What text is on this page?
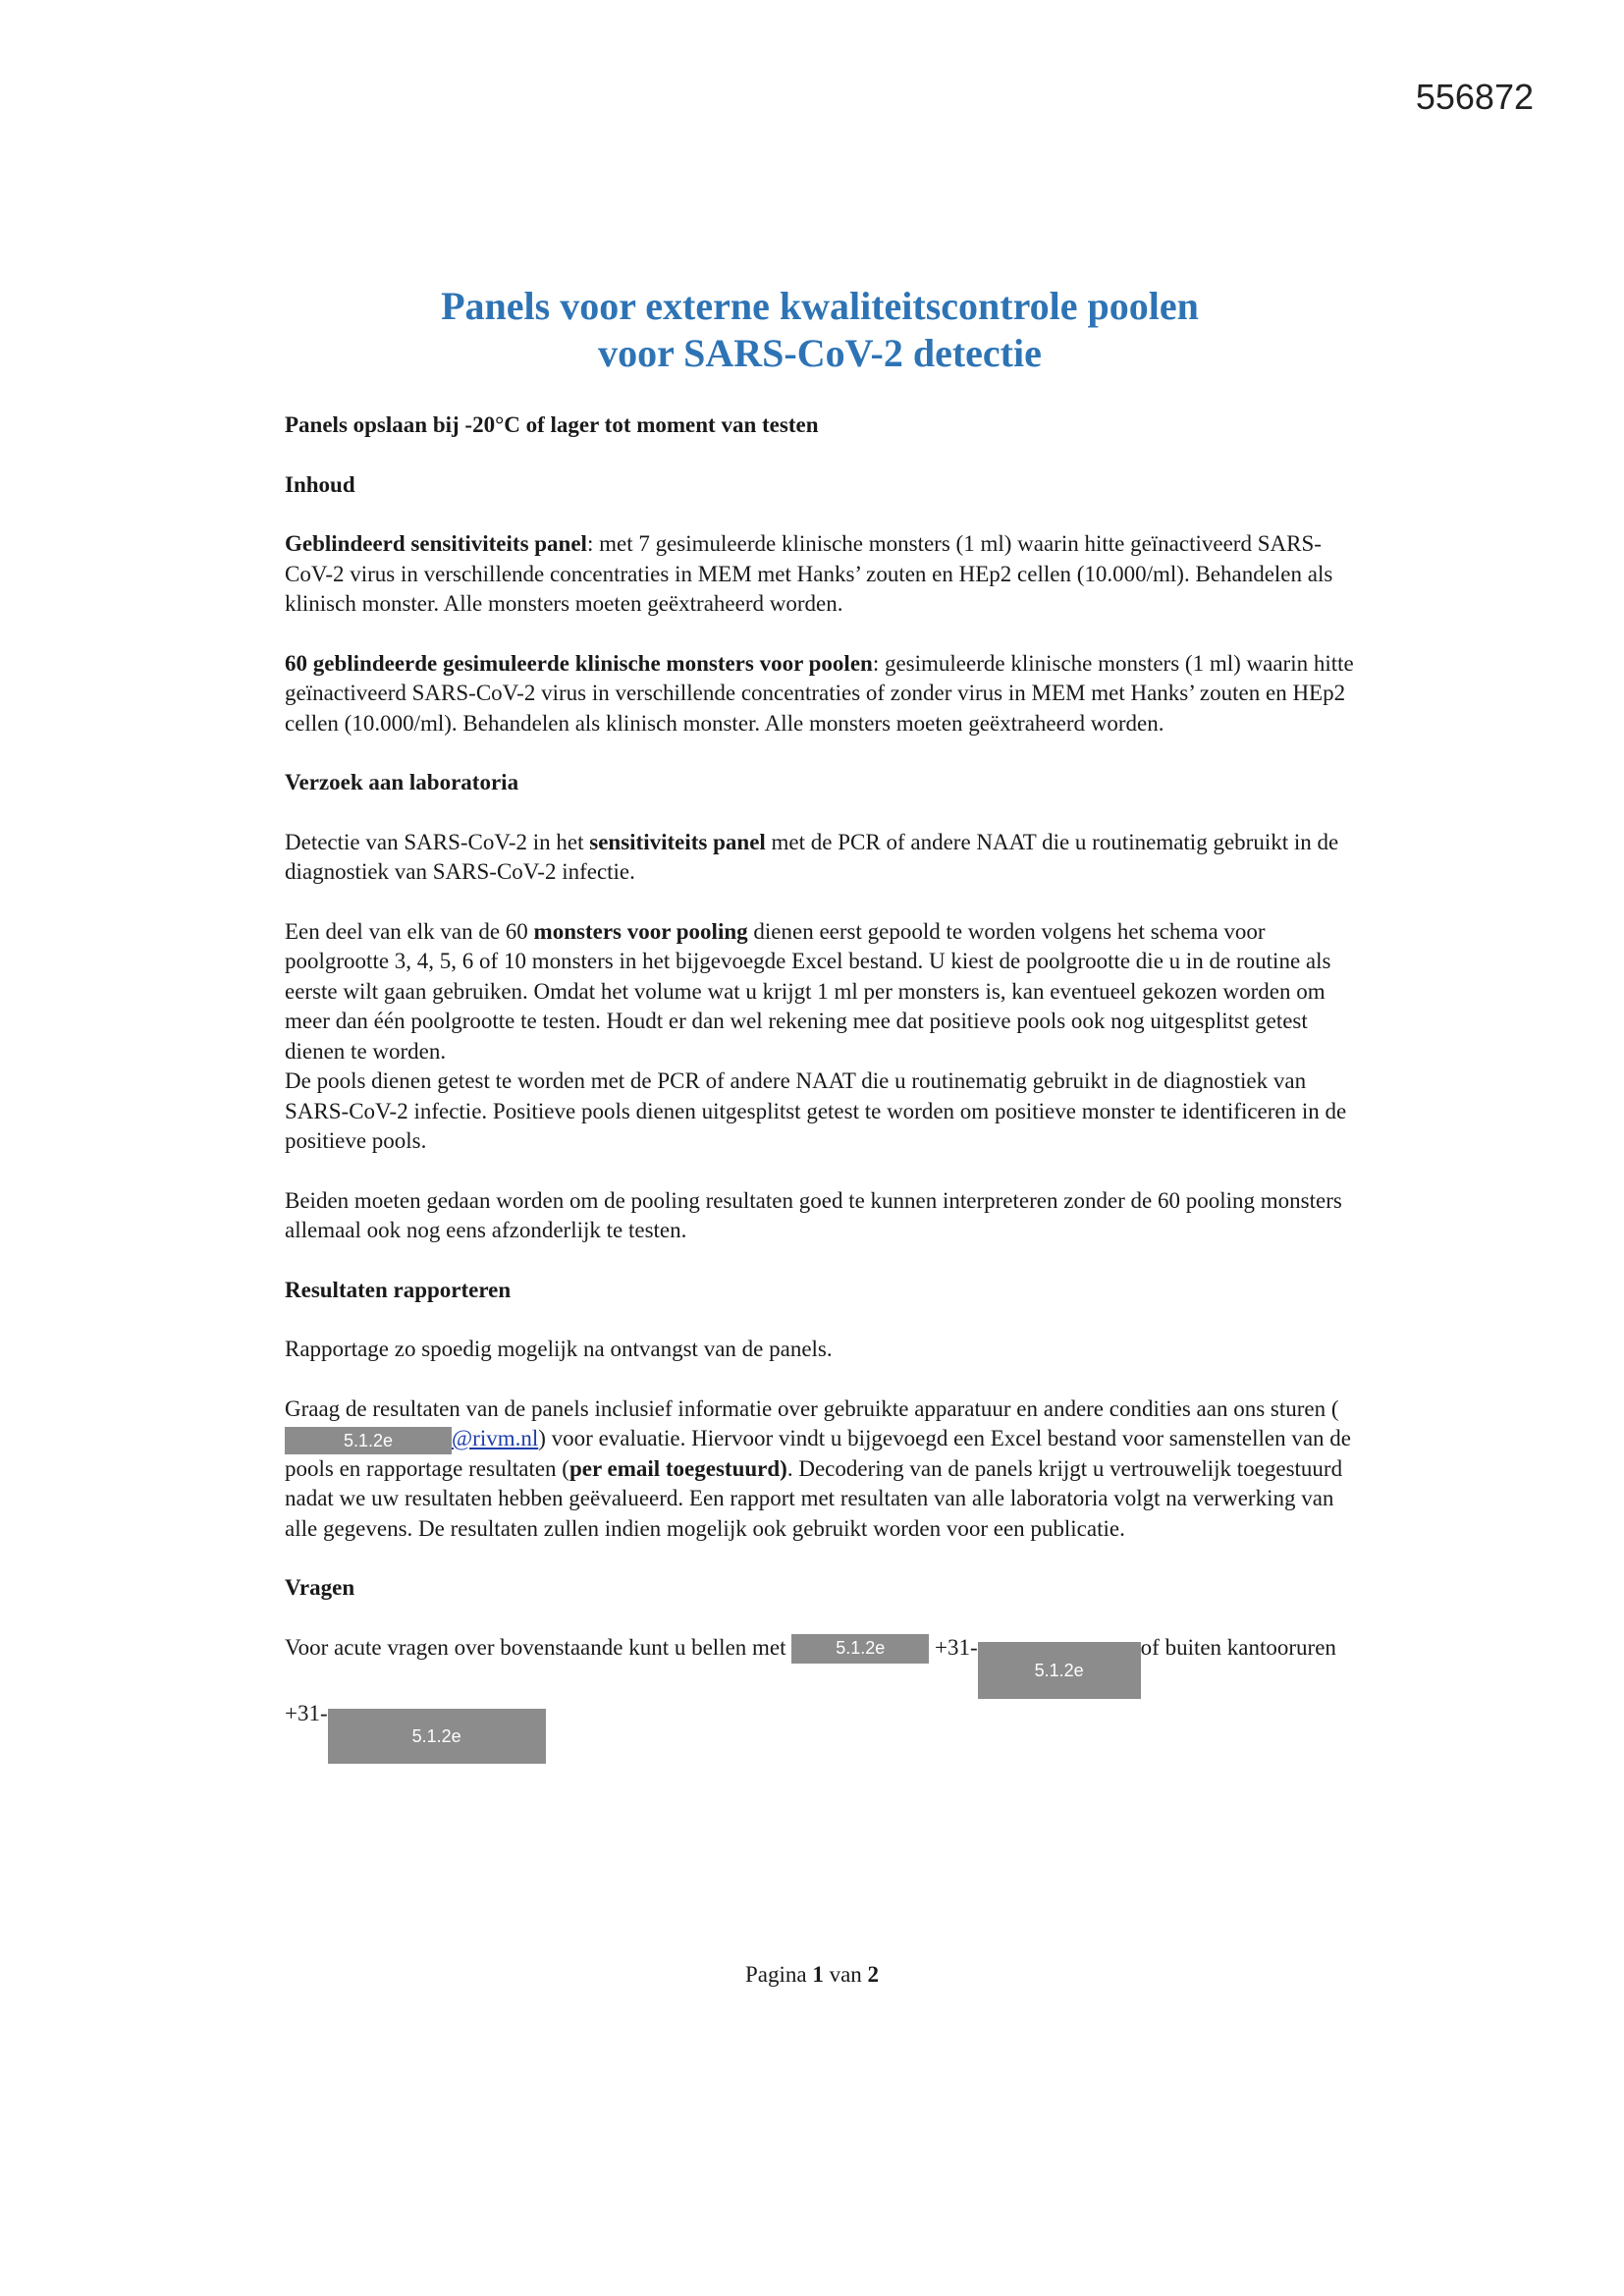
556872
Panels voor externe kwaliteitscontrole poolen
voor SARS-CoV-2 detectie
Panels opslaan bij -20°C of lager tot moment van testen
Inhoud

Geblindeerd sensitiviteits panel: met 7 gesimuleerde klinische monsters (1 ml) waarin hitte geïnactiveerd SARS-CoV-2 virus in verschillende concentraties in MEM met Hanks’ zouten en HEp2 cellen (10.000/ml). Behandelen als klinisch monster. Alle monsters moeten geëxtraheerd worden.

60 geblindeerde gesimuleerde klinische monsters voor poolen: gesimuleerde klinische monsters (1 ml) waarin hitte geïnactiveerd SARS-CoV-2 virus in verschillende concentraties of zonder virus in MEM met Hanks’ zouten en HEp2 cellen (10.000/ml). Behandelen als klinisch monster. Alle monsters moeten geëxtraheerd worden.

Verzoek aan laboratoria

Detectie van SARS-CoV-2 in het sensitiviteits panel met de PCR of andere NAAT die u routinematig gebruikt in de diagnostiek van SARS-CoV-2 infectie.

Een deel van elk van de 60 monsters voor pooling dienen eerst gepoold te worden volgens het schema voor poolgrootte 3, 4, 5, 6 of 10 monsters in het bijgevoegde Excel bestand. U kiest de poolgrootte die u in de routine als eerste wilt gaan gebruiken. Omdat het volume wat u krijgt 1 ml per monsters is, kan eventueel gekozen worden om meer dan één poolgrootte te testen. Houdt er dan wel rekening mee dat positieve pools ook nog uitgesplitst getest dienen te worden.

De pools dienen getest te worden met de PCR of andere NAAT die u routinematig gebruikt in de diagnostiek van SARS-CoV-2 infectie. Positieve pools dienen uitgesplitst getest te worden om positieve monster te identificeren in de positieve pools.

Beiden moeten gedaan worden om de pooling resultaten goed te kunnen interpreteren zonder de 60 pooling monsters allemaal ook nog eens afzonderlijk te testen.

Resultaten rapporteren

Rapportage zo spoedig mogelijk na ontvangst van de panels.

Graag de resultaten van de panels inclusief informatie over gebruikte apparatuur en andere condities aan ons sturen (5.1.2e	@rivm.nl) voor evaluatie. Hiervoor vindt u bijgevoegd een Excel bestand voor samenstellen van de pools en rapportage resultaten (per email toegestuurd). Decodering van de panels krijgt u vertrouwelijk toegestuurd nadat we uw resultaten hebben geëvalueerd. Een rapport met resultaten van alle laboratoria volgt na verwerking van alle gegevens. De resultaten zullen indien mogelijk ook gebruikt worden voor een publicatie.

Vragen

Voor acute vragen over bovenstaande kunt u bellen met 5.1.2e +31-5.1.2eof buiten kantooruren +31-5.1.2e

Pagina 1 van 2
